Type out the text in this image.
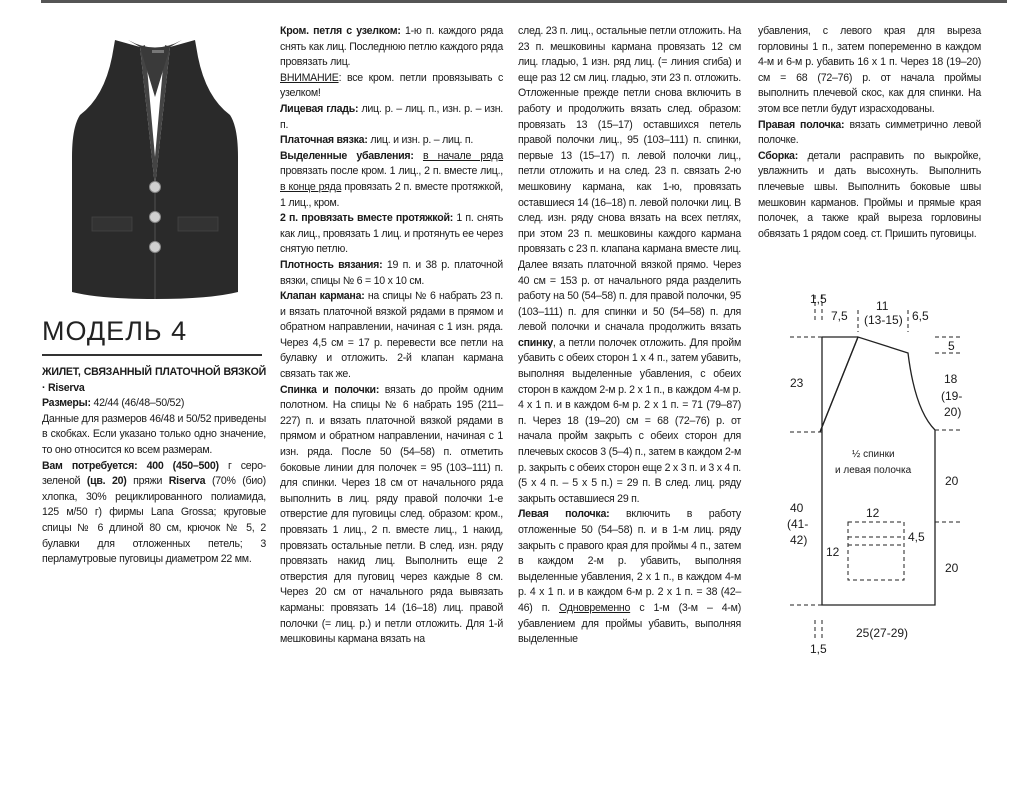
МОДЕЛЬ 4

ЖИЛЕТ, СВЯЗАННЫЙ ПЛАТОЧНОЙ ВЯЗКОЙ · Riserva

Размеры: 42/44 (46/48–50/52)

Данные для размеров 46/48 и 50/52 приведены в скобках. Если указано только одно значение, то оно относится ко всем размерам.

Вам потребуется: 400 (450–500) г серо-зеленой (цв. 20) пряжи Riserva (70% (био) хлопка, 30% рециклированного полиамида, 125 м/50 г) фирмы Lana Grossa; круговые спицы № 6 длиной 80 см, крючок № 5, 2 булавки для отложенных петель; 3 перламутровые пуговицы диаметром 22 мм.

Кром. петля с узелком: 1-ю п. каждого ряда снять как лиц. Последнюю петлю каждого ряда провязать лиц.

ВНИМАНИЕ: все кром. петли провязывать с узелком!

Лицевая гладь: лиц. р. – лиц. п., изн. р. – изн. п.

Платочная вязка: лиц. и изн. р. – лиц. п.

Выделенные убавления: в начале ряда провязать после кром. 1 лиц., 2 п. вместе лиц., в конце ряда провязать 2 п. вместе протяжкой, 1 лиц., кром.

2 п. провязать вместе протяжкой: 1 п. снять как лиц., провязать 1 лиц. и протянуть ее через снятую петлю.

Плотность вязания: 19 п. и 38 р. платочной вязки, спицы № 6 = 10 х 10 см.

Клапан кармана: на спицы № 6 набрать 23 п. и вязать платочной вязкой рядами в прямом и обратном направлении, начиная с 1 изн. ряда. Через 4,5 см = 17 р. перевести все петли на булавку и отложить. 2-й клапан кармана связать так же.

Спинка и полочки: вязать до пройм одним полотном. На спицы № 6 набрать 195 (211–227) п. и вязать платочной вязкой рядами в прямом и обратном направлении, начиная с 1 изн. ряда. После 50 (54–58) п. отметить боковые линии для полочек = 95 (103–111) п. для спинки. Через 18 см от начального ряда выполнить в лиц. ряду правой полочки 1-е отверстие для пуговицы след. образом: кром., провязать 1 лиц., 2 п. вместе лиц., 1 накид, провязать остальные петли. В след. изн. ряду провязать накид лиц. Выполнить еще 2 отверстия для пуговиц через каждые 8 см. Через 20 см от начального ряда вывязать карманы: провязать 14 (16–18) лиц. правой полочки (= лиц. р.) и петли отложить. Для 1-й мешковины кармана вязать на

след. 23 п. лиц., остальные петли отложить. На 23 п. мешковины кармана провязать 12 см лиц. гладью, 1 изн. ряд лиц. (= линия сгиба) и еще раз 12 см лиц. гладью, эти 23 п. отложить. Отложенные прежде петли снова включить в работу и продолжить вязать след. образом: провязать 13 (15–17) оставшихся петель правой полочки лиц., 95 (103–111) п. спинки, первые 13 (15–17) п. левой полочки лиц., петли отложить и на след. 23 п. связать 2-ю мешковину кармана, как 1-ю, провязать оставшиеся 14 (16–18) п. левой полочки лиц. В след. изн. ряду снова вязать на всех петлях, при этом 23 п. мешковины каждого кармана провязать с 23 п. клапана кармана вместе лиц. Далее вязать платочной вязкой прямо. Через 40 см = 153 р. от начального ряда разделить работу на 50 (54–58) п. для правой полочки, 95 (103–111) п. для спинки и 50 (54–58) п. для левой полочки и сначала продолжить вязать спинку, а петли полочек отложить. Для пройм убавить с обеих сторон 1 х 4 п., затем убавить, выполняя выделенные убавления, с обеих сторон в каждом 2-м р. 2 х 1 п., в каждом 4-м р. 4 х 1 п. и в каждом 6-м р. 2 х 1 п. = 71 (79–87) п. Через 18 (19–20) см = 68 (72–76) р. от начала пройм закрыть с обеих сторон для плечевых скосов 3 (5–4) п., затем в каждом 2-м р. закрыть с обеих сторон еще 2 х 3 п. и 3 х 4 п. (5 х 4 п. – 5 х 5 п.) = 29 п. В след. лиц. ряду закрыть оставшиеся 29 п.

Левая полочка: включить в работу отложенные 50 (54–58) п. и в 1-м лиц. ряду закрыть с правого края для проймы 4 п., затем в каждом 2-м р. убавить, выполняя выделенные убавления, 2 х 1 п., в каждом 4-м р. 4 х 1 п. и в каждом 6-м р. 2 х 1 п. = 38 (42–46) п. Одновременно с 1-м (3-м – 4-м) убавлением для проймы убавить, выполняя выделенные

убавления, с левого края для выреза горловины 1 п., затем попеременно в каждом 4-м и 6-м р. убавить 16 х 1 п. Через 18 (19–20) см = 68 (72–76) р. от начала проймы выполнить плечевой скос, как для спинки. На этом все петли будут израсходованы.

Правая полочка: вязать симметрично левой полочке.

Сборка: детали расправить по выкройке, увлажнить и дать высохнуть. Выполнить плечевые швы. Выполнить боковые швы мешковин карманов. Проймы и прямые края полочек, а также край выреза горловины обвязать 1 рядом соед. ст. Пришить пуговицы.

1,5
7,5
11
(13-15) 6,5
5
23	18
(19-
20)
½ спинки
и левая полочка
20
40
(41-
42)
12
4,5
12
20
25(27-29)
1,5
